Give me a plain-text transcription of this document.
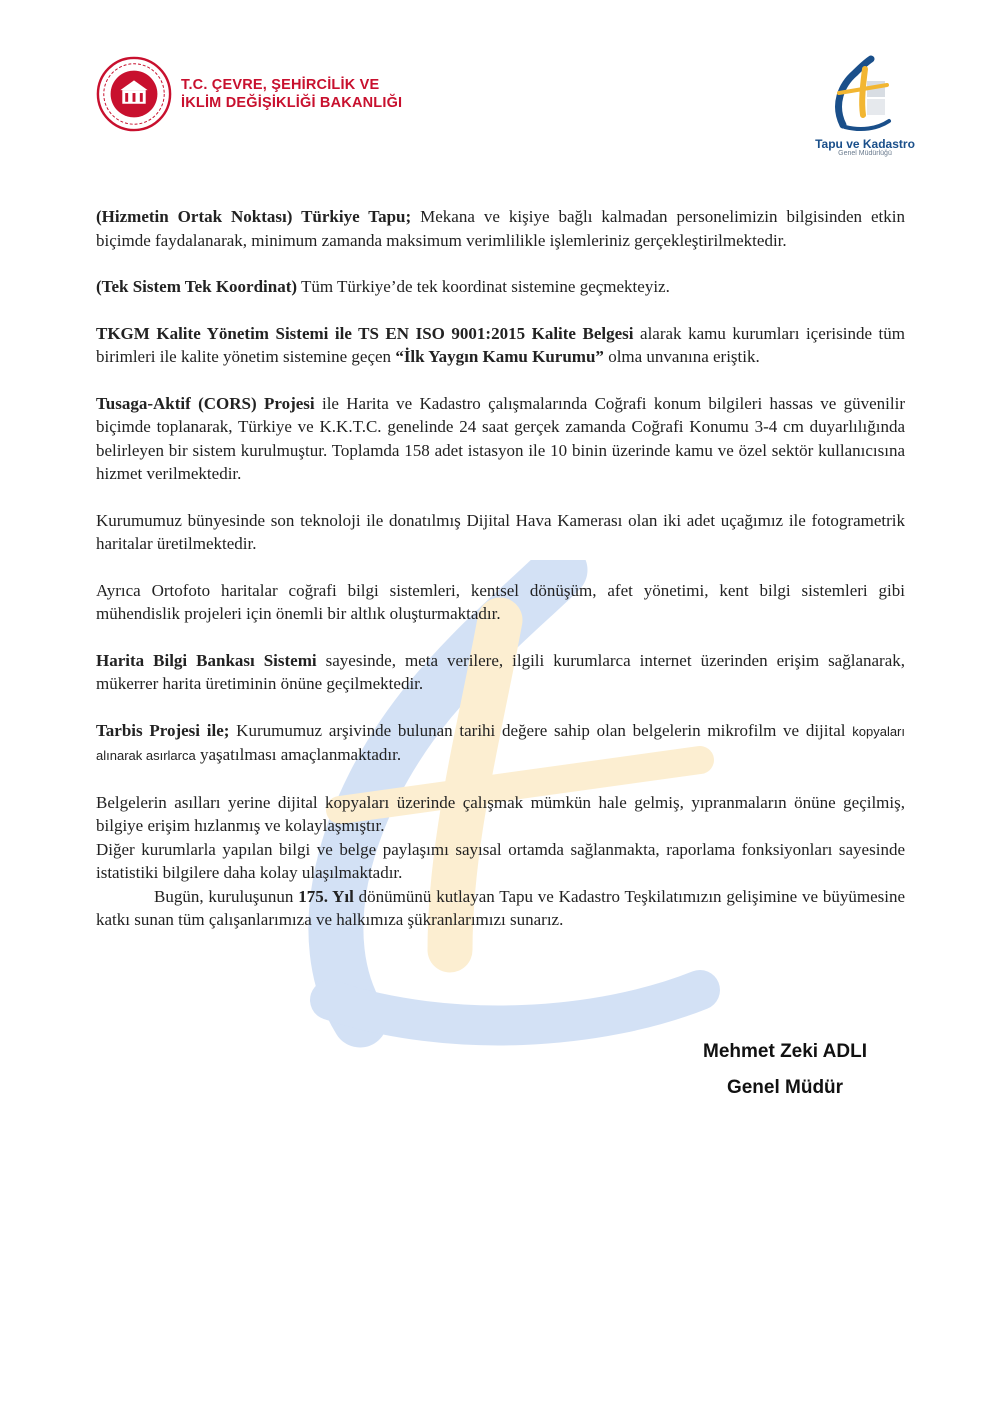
T.C. ÇEVRE, ŞEHİRCİLİK VE
İKLİM DEĞİŞİKLİĞİ BAKANLIĞI
Tapu ve Kadastro
Genel Müdürlüğü

(Hizmetin Ortak Noktası) Türkiye Tapu; Mekana ve kişiye bağlı kalmadan personelimizin bilgisinden etkin biçimde faydalanarak, minimum zamanda maksimum verimlilikle işlemleriniz gerçekleştirilmektedir.

(Tek Sistem Tek Koordinat) Tüm Türkiye’de tek koordinat sistemine geçmekteyiz.

TKGM Kalite Yönetim Sistemi ile TS EN ISO 9001:2015 Kalite Belgesi alarak kamu kurumları içerisinde tüm birimleri ile kalite yönetim sistemine geçen “İlk Yaygın Kamu Kurumu” olma unvanına eriştik.

Tusaga-Aktif (CORS) Projesi ile Harita ve Kadastro çalışmalarında Coğrafi konum bilgileri hassas ve güvenilir biçimde toplanarak, Türkiye ve K.K.T.C. genelinde 24 saat gerçek zamanda Coğrafi Konumu 3-4 cm duyarlılığında belirleyen bir sistem kurulmuştur. Toplamda 158 adet istasyon ile 10 binin üzerinde kamu ve özel sektör kullanıcısına hizmet verilmektedir.

Kurumumuz bünyesinde son teknoloji ile donatılmış Dijital Hava Kamerası olan iki adet uçağımız ile fotogrametrik haritalar üretilmektedir.

Ayrıca Ortofoto haritalar coğrafi bilgi sistemleri, kentsel dönüşüm, afet yönetimi, kent bilgi sistemleri gibi mühendislik projeleri için önemli bir altlık oluşturmaktadır.

Harita Bilgi Bankası Sistemi sayesinde, meta verilere, ilgili kurumlarca internet üzerinden erişim sağlanarak, mükerrer harita üretiminin önüne geçilmektedir.

Tarbis Projesi ile; Kurumumuz arşivinde bulunan tarihi değere sahip olan belgelerin mikrofilm ve dijital kopyaları alınarak asırlarca yaşatılması amaçlanmaktadır.

Belgelerin asılları yerine dijital kopyaları üzerinde çalışmak mümkün hale gelmiş, yıpranmaların önüne geçilmiş, bilgiye erişim hızlanmış ve kolaylaşmıştır.

Diğer kurumlarla yapılan bilgi ve belge paylaşımı sayısal ortamda sağlanmakta, raporlama fonksiyonları sayesinde istatistiki bilgilere daha kolay ulaşılmaktadır.

Bugün, kuruluşunun 175. Yıl dönümünü kutlayan Tapu ve Kadastro Teşkilatımızın gelişimine ve büyümesine katkı sunan tüm çalışanlarımıza ve halkımıza şükranlarımızı sunarız.

Mehmet Zeki ADLI
Genel Müdür
